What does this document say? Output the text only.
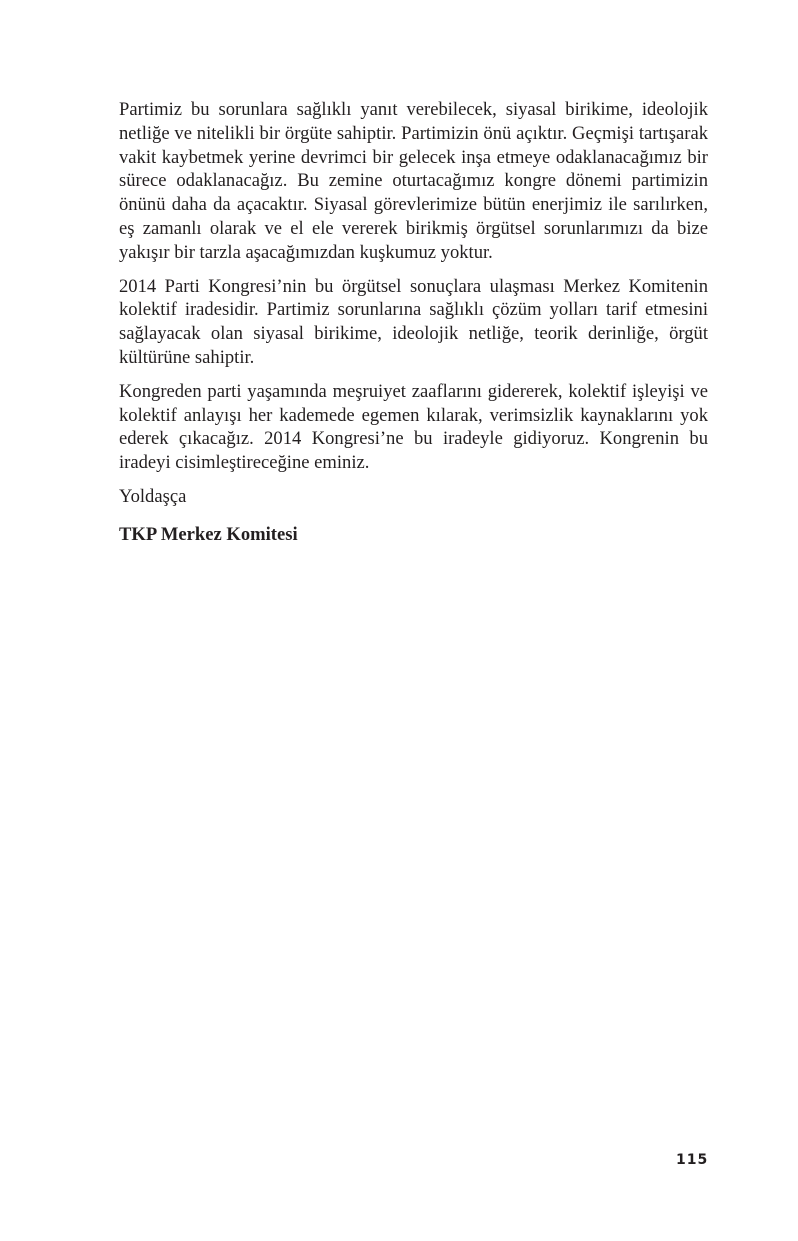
Partimiz bu sorunlara sağlıklı yanıt verebilecek, siyasal birikime, ideolojik netliğe ve nitelikli bir örgüte sahiptir. Partimizin önü açıktır. Geçmişi tartışarak vakit kaybetmek yerine devrimci bir gelecek inşa etmeye odaklanacağımız bir sürece odaklanacağız. Bu zemine oturtacağımız kongre dönemi partimizin önünü daha da açacaktır. Siyasal görevlerimize bütün enerjimiz ile sarılırken, eş zamanlı olarak ve el ele vererek birikmiş örgütsel sorunlarımızı da bize yakışır bir tarzla aşacağımızdan kuşkumuz yoktur.

2014 Parti Kongresi’nin bu örgütsel sonuçlara ulaşması Merkez Komitenin kolektif iradesidir. Partimiz sorunlarına sağlıklı çözüm yolları tarif etmesini sağlayacak olan siyasal birikime, ideolojik netliğe, teorik derinliğe, örgüt kültürüne sahiptir.

Kongreden parti yaşamında meşruiyet zaaflarını gidererek, kolektif işleyişi ve kolektif anlayışı her kademede egemen kılarak, verimsizlik kaynaklarını yok ederek çıkacağız. 2014 Kongresi’ne bu iradeyle gidiyoruz. Kongrenin bu iradeyi cisimleştireceğine eminiz.

Yoldaşça

TKP Merkez Komitesi

115
